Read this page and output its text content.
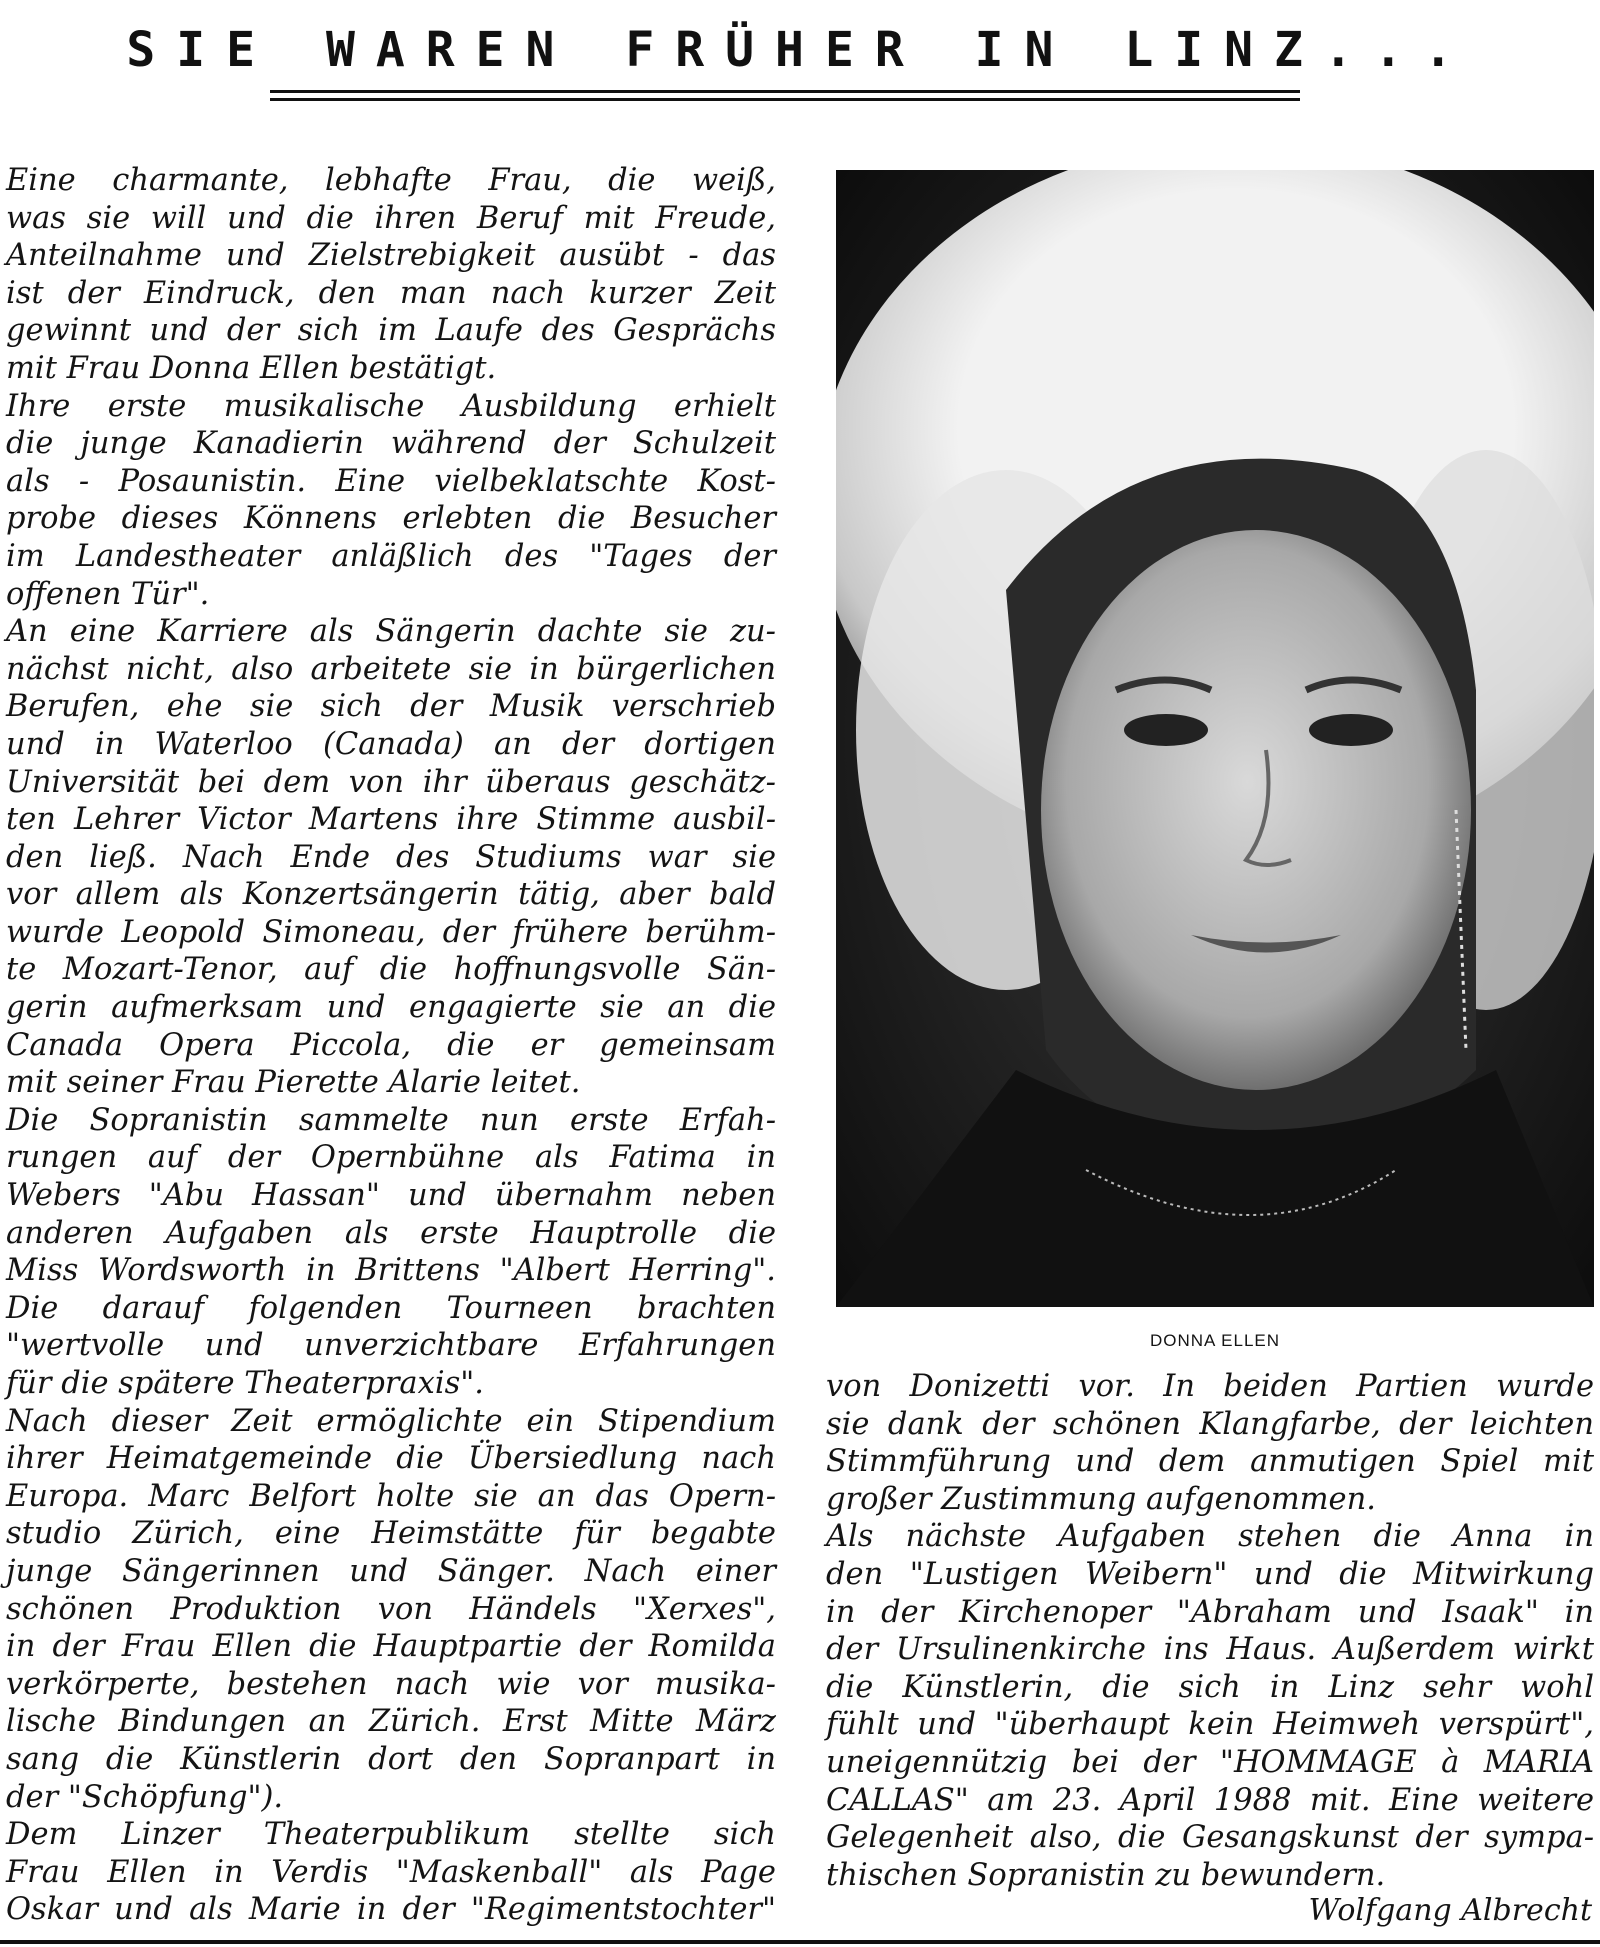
SIE WAREN FRÜHER IN LINZ...
Eine charmante, lebhafte Frau, die weiß,
was sie will und die ihren Beruf mit Freude,
Anteilnahme und Zielstrebigkeit ausübt - das
ist der Eindruck, den man nach kurzer Zeit
gewinnt und der sich im Laufe des Gesprächs
mit Frau Donna Ellen bestätigt.
Ihre erste musikalische Ausbildung erhielt
die junge Kanadierin während der Schulzeit
als - Posaunistin. Eine vielbeklatschte Kost-
probe dieses Könnens erlebten die Besucher
im Landestheater anläßlich des "Tages der
offenen Tür".
An eine Karriere als Sängerin dachte sie zu-
nächst nicht, also arbeitete sie in bürgerlichen
Berufen, ehe sie sich der Musik verschrieb
und in Waterloo (Canada) an der dortigen
Universität bei dem von ihr überaus geschätz-
ten Lehrer Victor Martens ihre Stimme ausbil-
den ließ. Nach Ende des Studiums war sie
vor allem als Konzertsängerin tätig, aber bald
wurde Leopold Simoneau, der frühere berühm-
te Mozart-Tenor, auf die hoffnungsvolle Sän-
gerin aufmerksam und engagierte sie an die
Canada Opera Piccola, die er gemeinsam
mit seiner Frau Pierette Alarie leitet.
Die Sopranistin sammelte nun erste Erfah-
rungen auf der Opernbühne als Fatima in
Webers "Abu Hassan" und übernahm neben
anderen Aufgaben als erste Hauptrolle die
Miss Wordsworth in Brittens "Albert Herring".
Die darauf folgenden Tourneen brachten
"wertvolle und unverzichtbare Erfahrungen
für die spätere Theaterpraxis".
Nach dieser Zeit ermöglichte ein Stipendium
ihrer Heimatgemeinde die Übersiedlung nach
Europa. Marc Belfort holte sie an das Opern-
studio Zürich, eine Heimstätte für begabte
junge Sängerinnen und Sänger. Nach einer
schönen Produktion von Händels "Xerxes",
in der Frau Ellen die Hauptpartie der Romilda
verkörperte, bestehen nach wie vor musika-
lische Bindungen an Zürich. Erst Mitte März
sang die Künstlerin dort den Sopranpart in
der "Schöpfung").
Dem Linzer Theaterpublikum stellte sich
Frau Ellen in Verdis "Maskenball" als Page
Oskar und als Marie in der "Regimentstochter"
DONNA ELLEN
von Donizetti vor. In beiden Partien wurde
sie dank der schönen Klangfarbe, der leichten
Stimmführung und dem anmutigen Spiel mit
großer Zustimmung aufgenommen.
Als nächste Aufgaben stehen die Anna in
den "Lustigen Weibern" und die Mitwirkung
in der Kirchenoper "Abraham und Isaak" in
der Ursulinenkirche ins Haus. Außerdem wirkt
die Künstlerin, die sich in Linz sehr wohl
fühlt und "überhaupt kein Heimweh verspürt",
uneigennützig bei der "HOMMAGE à MARIA
CALLAS" am 23. April 1988 mit. Eine weitere
Gelegenheit also, die Gesangskunst der sympa-
thischen Sopranistin zu bewundern.
Wolfgang Albrecht
